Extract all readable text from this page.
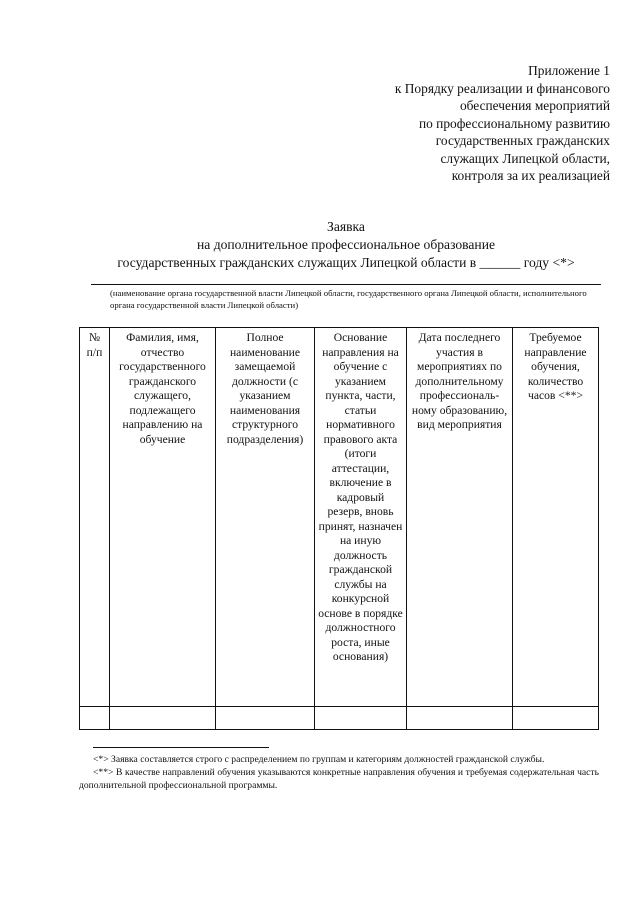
Приложение 1
к Порядку реализации и финансового
обеспечения мероприятий
по профессиональному развитию
государственных гражданских
служащих Липецкой области,
контроля за их реализацией
Заявка
на дополнительное профессиональное образование
государственных гражданских служащих Липецкой области в ______ году <*>
(наименование органа государственной власти Липецкой области, государственного органа Липецкой области, исполнительного органа государственной власти Липецкой области)
№ п/п	Фамилия, имя, отчество государственного гражданского служащего, подлежащего направлению на обучение	Полное наименование замещаемой должности (с указанием наименования структурного подразделения)	Основание направления на обучение с указанием пункта, части, статьи нормативного правового акта (итоги аттестации, включение в кадровый резерв, вновь принят, назначен на иную должность гражданской службы на конкурсной основе в порядке должностного роста, иные основания)	Дата последнего участия в мероприятиях по дополнительному профессиональ-ному образованию, вид мероприятия	Требуемое направление обучения, количество часов <**>

<*> Заявка составляется строго с распределением по группам и категориям должностей гражданской службы.

<**> В качестве направлений обучения указываются конкретные направления обучения и требуемая содержательная часть дополнительной профессиональной программы.
